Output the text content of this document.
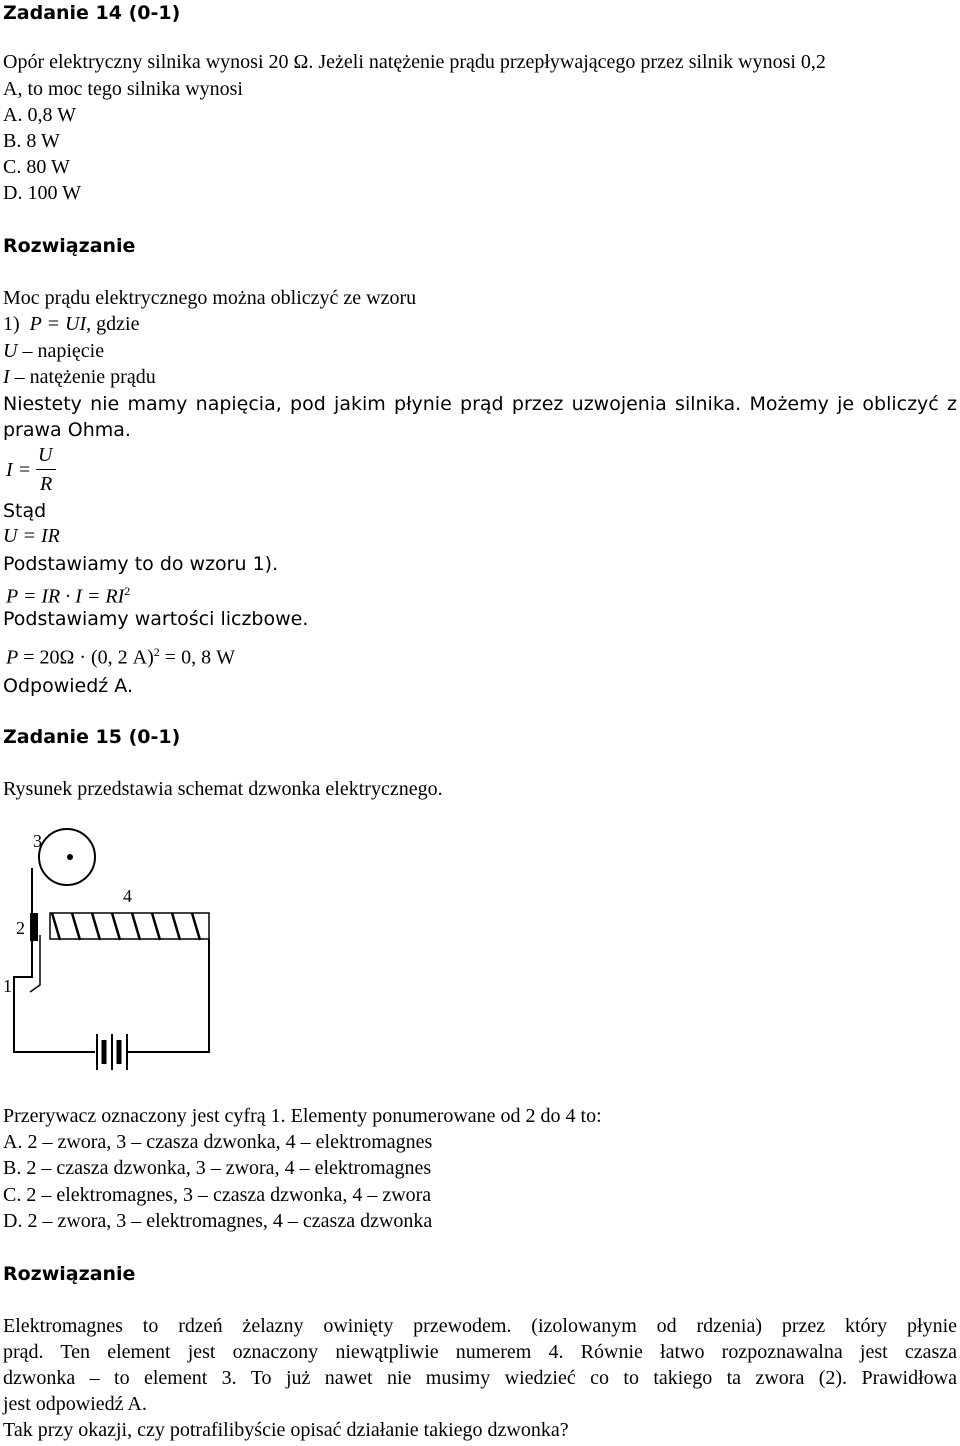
Zadanie 14 (0-1)
Opór elektryczny silnika wynosi 20 Ω. Jeżeli natężenie prądu przepływającego przez silnik wynosi 0,2
A, to moc tego silnika wynosi
A. 0,8 W
B. 8 W
C. 80 W
D. 100 W
Rozwiązanie
Moc prądu elektrycznego można obliczyć ze wzoru
1) P = UI, gdzie
U – napięcie
I – natężenie prądu
Niestety nie mamy napięcia, pod jakim płynie prąd przez uzwojenia silnika. Możemy je obliczyć z
prawa Ohma.
I =
U
R
Stąd
U = IR
Podstawiamy to do wzoru 1).
P = IR · $I = RI^2$
Podstawiamy wartości liczbowe.
P = 20Ω · (0, 2 A)$^2$ = 0, 8 W
Odpowiedź A.
Zadanie 15 (0-1)
Rysunek przedstawia schemat dzwonka elektrycznego.
1
2
3
4
Przerywacz oznaczony jest cyfrą 1. Elementy ponumerowane od 2 do 4 to:
A. 2 – zwora, 3 – czasza dzwonka, 4 – elektromagnes
B. 2 – czasza dzwonka, 3 – zwora, 4 – elektromagnes
C. 2 – elektromagnes, 3 – czasza dzwonka, 4 – zwora
D. 2 – zwora, 3 – elektromagnes, 4 – czasza dzwonka
Rozwiązanie
Elektromagnes to rdzeń żelazny owinięty przewodem. (izolowanym od rdzenia) przez który płynie
prąd. Ten element jest oznaczony niewątpliwie numerem 4. Równie łatwo rozpoznawalna jest czasza
dzwonka – to element 3. To już nawet nie musimy wiedzieć co to takiego ta zwora (2). Prawidłowa
jest odpowiedź A.
Tak przy okazji, czy potrafilibyście opisać działanie takiego dzwonka?
